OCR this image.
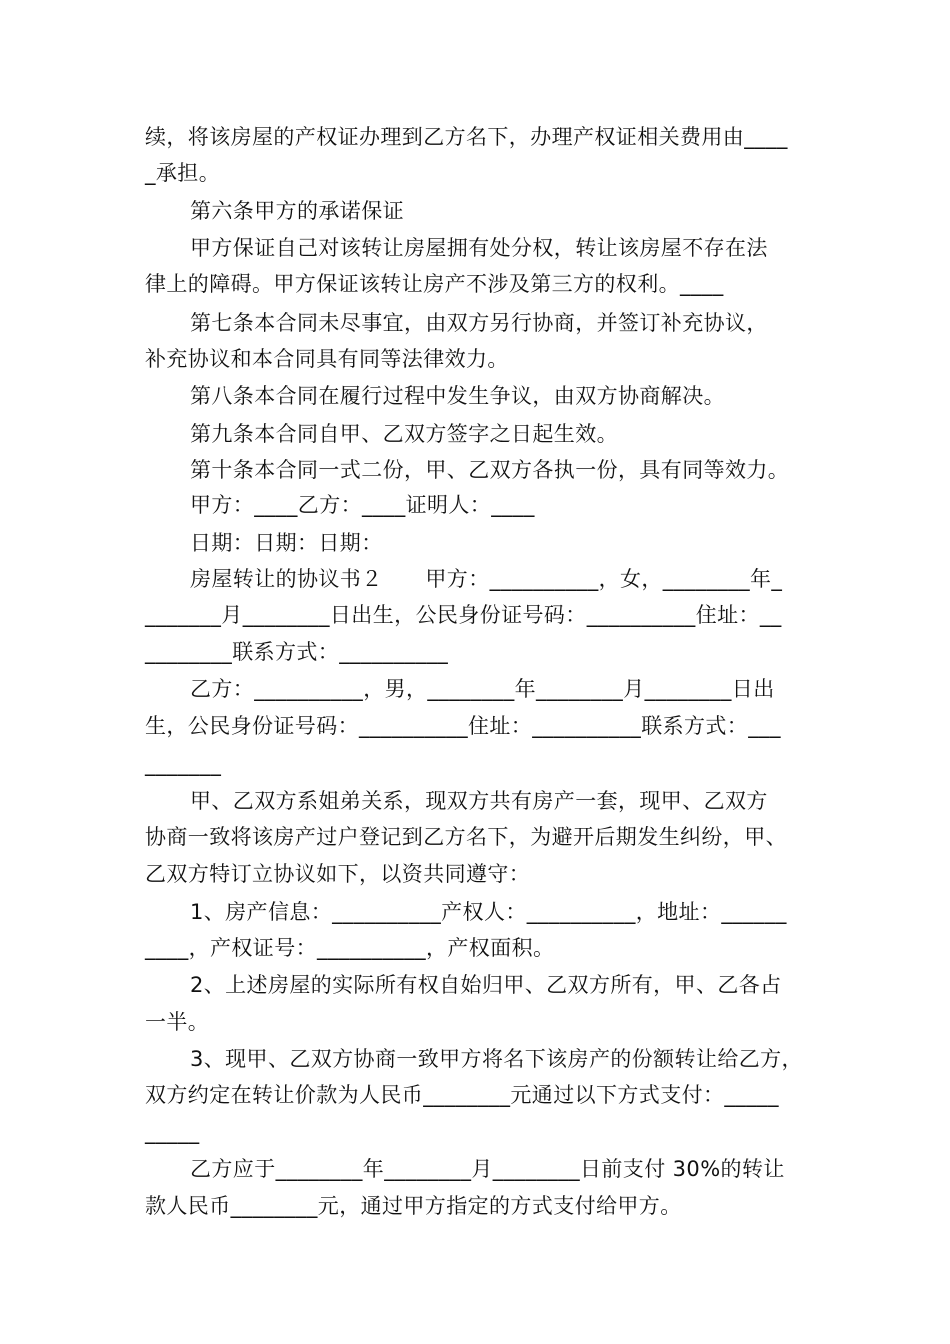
续，将该房屋的产权证办理到乙方名下，办理产权证相关费用由____
_承担。
第六条甲方的承诺保证
甲方保证自己对该转让房屋拥有处分权，转让该房屋不存在法
律上的障碍。甲方保证该转让房产不涉及第三方的权利。____
第七条本合同未尽事宜，由双方另行协商，并签订补充协议，
补充协议和本合同具有同等法律效力。
第八条本合同在履行过程中发生争议，由双方协商解决。
第九条本合同自甲、乙双方签字之日起生效。
第十条本合同一式二份，甲、乙双方各执一份，具有同等效力。
甲方：____乙方：____证明人：____
日期：日期：日期：
房屋转让的协议书２　　甲方：__________，女，________年_
_______月________日出生，公民身份证号码：__________住址：__
________联系方式：__________
乙方：__________，男，________年________月________日出
生，公民身份证号码：__________住址：__________联系方式：___
_______
甲、乙双方系姐弟关系，现双方共有房产一套，现甲、乙双方
协商一致将该房产过户登记到乙方名下，为避开后期发生纠纷，甲、
乙双方特订立协议如下，以资共同遵守：
1、房产信息：__________产权人：__________，地址：______
____，产权证号：__________，产权面积。
2、上述房屋的实际所有权自始归甲、乙双方所有，甲、乙各占
一半。
3、现甲、乙双方协商一致甲方将名下该房产的份额转让给乙方，
双方约定在转让价款为人民币________元通过以下方式支付：_____
_____
乙方应于________年________月________日前支付 30%的转让
款人民币________元，通过甲方指定的方式支付给甲方。
